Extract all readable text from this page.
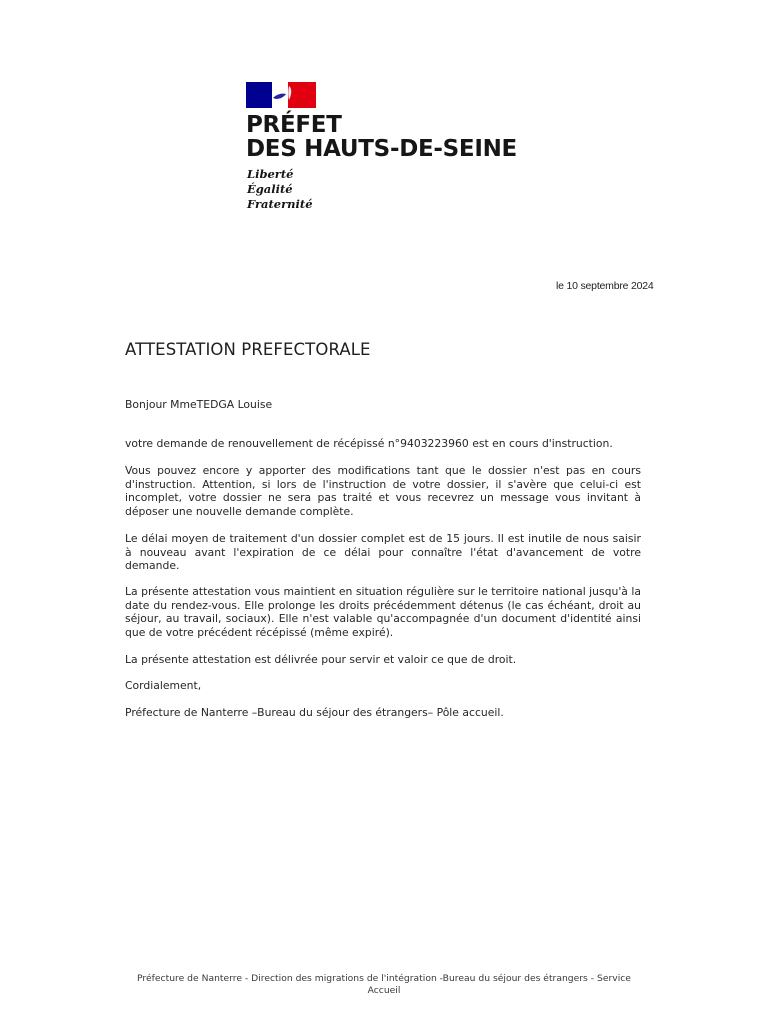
PRÉFET

DES HAUTS-DE-SEINE

Liberté

Égalité

Fraternité

le 10 septembre 2024
ATTESTATION PREFECTORALE

Bonjour MmeTEDGA Louise

votre demande de renouvellement de récépissé n°9403223960 est en cours d'instruction.

Vous pouvez encore y apporter des modifications tant que le dossier n'est pas en cours d'instruction. Attention, si lors de l'instruction de votre dossier, il s'avère que celui-ci est incomplet, votre dossier ne sera pas traité et vous recevrez un message vous invitant à déposer une nouvelle demande complète.

Le délai moyen de traitement d'un dossier complet est de 15 jours. Il est inutile de nous saisir à nouveau avant l'expiration de ce délai pour connaître l'état d'avancement de votre demande.

La présente attestation vous maintient en situation régulière sur le territoire national jusqu'à la date du rendez-vous. Elle prolonge les droits précédemment détenus (le cas échéant, droit au séjour, au travail, sociaux). Elle n'est valable qu'accompagnée d'un document d'identité ainsi que de votre précédent récépissé (même expiré).

La présente attestation est délivrée pour servir et valoir ce que de droit.

Cordialement,

Préfecture de Nanterre –Bureau du séjour des étrangers– Pôle accueil.

Préfecture de Nanterre - Direction des migrations de l'intégration -Bureau du séjour des étrangers - Service Accueil
